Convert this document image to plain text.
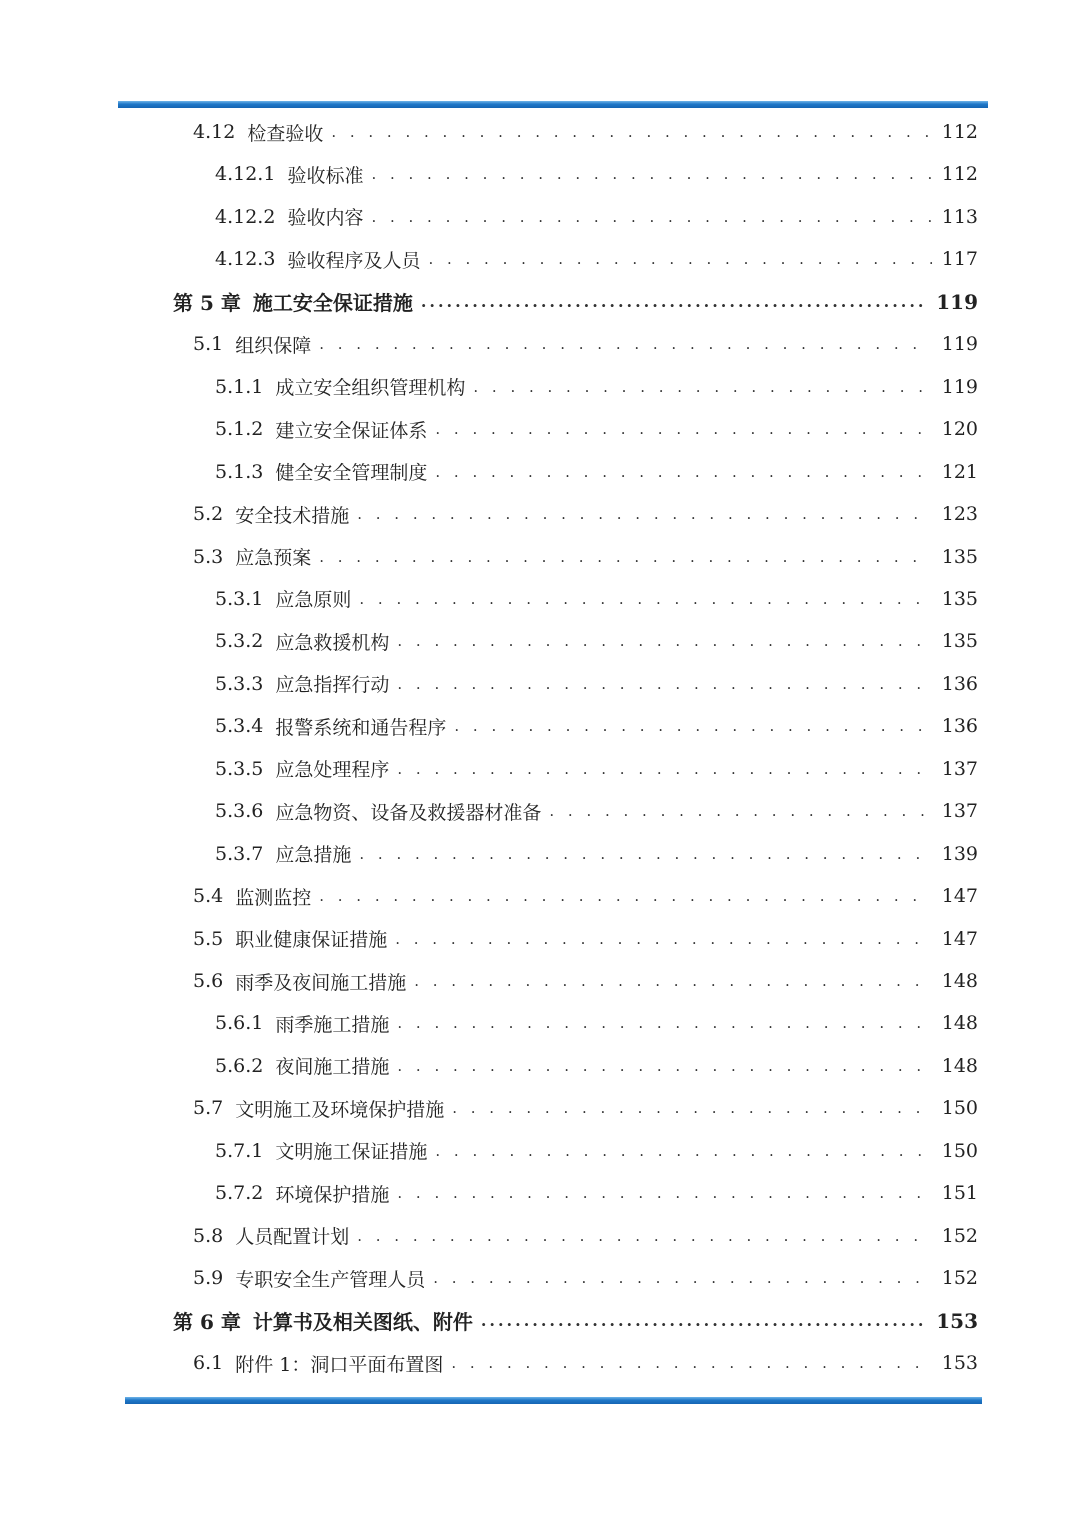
4.12 检查验收 . . .	112
4.12.1 验收标准 . . .	112
4.12.2 验收内容 . . .	113
4.12.3 验收程序及人员 . . .	117
第 5 章 施工安全保证措施 .....	119
5.1 组织保障 . . .	119
5.1.1 成立安全组织管理机构 . . .	119
5.1.2 建立安全保证体系 . . .	120
5.1.3 健全安全管理制度 . . .	121
5.2 安全技术措施 . . .	123
5.3 应急预案 . . .	135
5.3.1 应急原则 . . .	135
5.3.2 应急救援机构 . . .	135
5.3.3 应急指挥行动 . . .	136
5.3.4 报警系统和通告程序 . . .	136
5.3.5 应急处理程序 . . .	137
5.3.6 应急物资、设备及救援器材准备 . . .	137
5.3.7 应急措施 . . .	139
5.4 监测监控 . . .	147
5.5 职业健康保证措施 . . .	147
5.6 雨季及夜间施工措施 . . .	148
5.6.1 雨季施工措施 . . .	148
5.6.2 夜间施工措施 . . .	148
5.7 文明施工及环境保护措施 . . .	150
5.7.1 文明施工保证措施 . . .	150
5.7.2 环境保护措施 . . .	151
5.8 人员配置计划 . . .	152
5.9 专职安全生产管理人员 . . .	152
第 6 章 计算书及相关图纸、附件 .....	153
6.1 附件 1：洞口平面布置图 . . .	153
